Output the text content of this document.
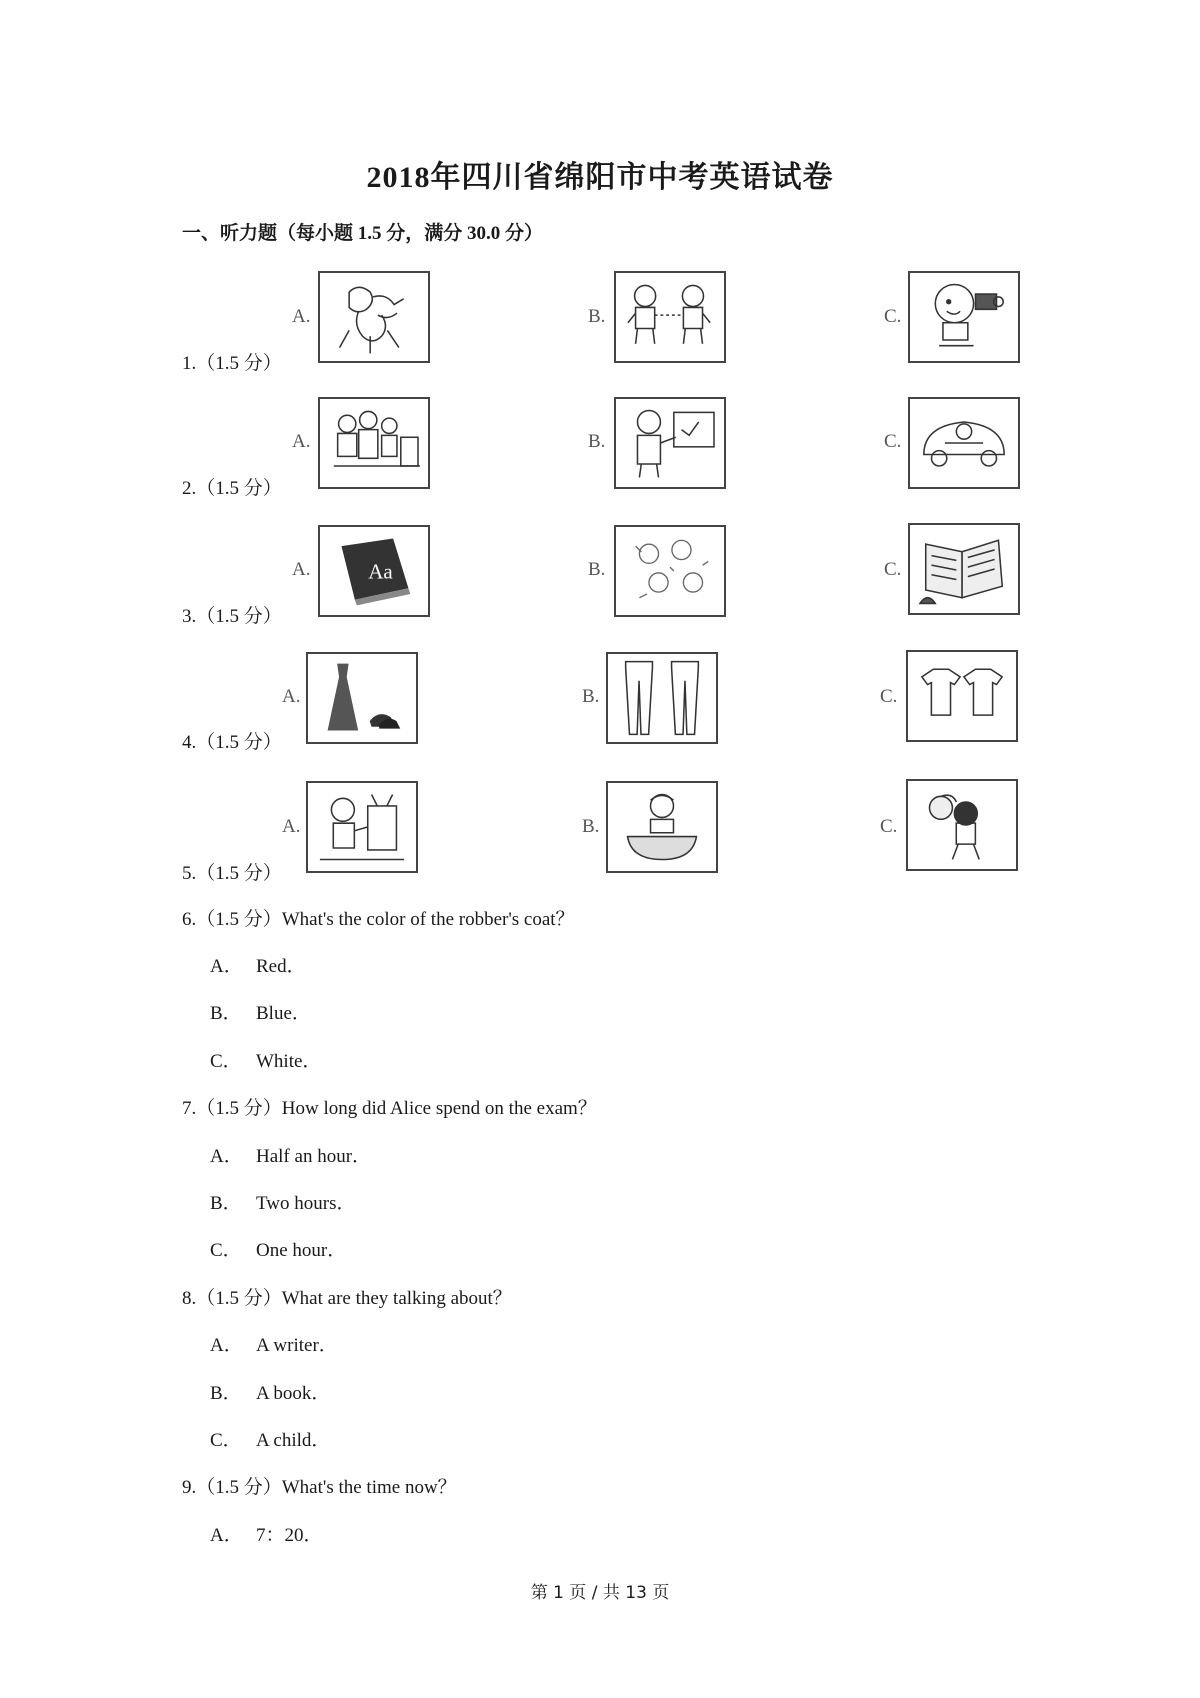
2018年四川省绵阳市中考英语试卷
一、听力题（每小题 1.5 分，满分 30.0 分）
1.（1.5 分）
A.	B.	C.
2.（1.5 分）
A.	B.	C.
3.（1.5 分）
A.	Aa	B.	C.
4.（1.5 分）
A.	B.	C.
5.（1.5 分）
A.	B.	C.
6.（1.5 分）What's the color of the robber's coat？
A． Red．
B． Blue．
C． White．
7.（1.5 分）How long did Alice spend on the exam？
A． Half an hour．
B． Two hours．
C． One hour．
8.（1.5 分）What are they talking about？
A． A writer．
B． A book．
C． A child．
9.（1.5 分）What's the time now？
A． 7：20．
第 1 页 / 共 13 页
